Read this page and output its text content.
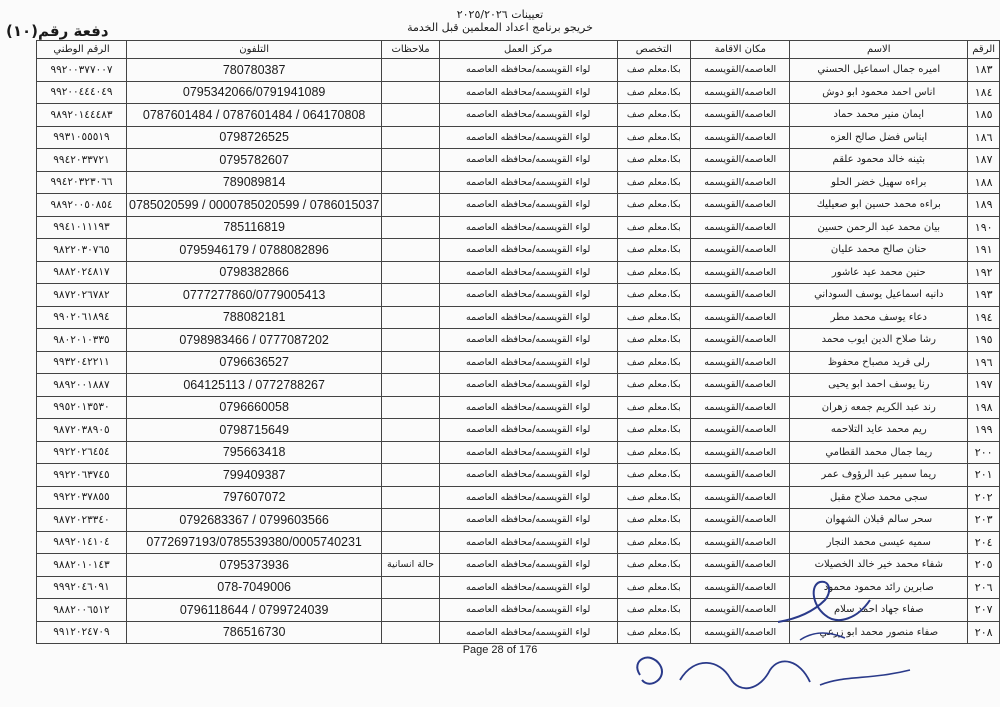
تعيينات ٢٠٢٥/٢٠٢٦
خريجو برنامج اعداد المعلمين قبل الخدمة
دفعة رقم(١٠)
الرقم	الاسم	مكان الاقامة	التخصص	مركز العمل	ملاحظات	التلفون	الرقم الوطني
١٨٣	اميره جمال اسماعيل الحسني	العاصمه/القويسمه	بكا.معلم صف	لواء القويسمه/محافظه العاصمه		780780387	٩٩٢٠٠٣٧٧٠٠٧
١٨٤	اناس احمد محمود ابو دوش	العاصمه/القويسمه	بكا.معلم صف	لواء القويسمه/محافظه العاصمه		0795342066/0791941089	٩٩٢٠٠٤٤٤٠٤٩
١٨٥	ايمان منير محمد حماد	العاصمه/القويسمه	بكا.معلم صف	لواء القويسمه/محافظه العاصمه		064170808 / 0787601484 / 0787601484	٩٨٩٢٠١٤٤٤٨٣
١٨٦	ايناس فضل صالح العزه	العاصمه/القويسمه	بكا.معلم صف	لواء القويسمه/محافظه العاصمه		0798726525	٩٩٣١٠٥٥٥١٩
١٨٧	بثينه خالد محمود علقم	العاصمه/القويسمه	بكا.معلم صف	لواء القويسمه/محافظه العاصمه		0795782607	٩٩٤٢٠٣٣٧٢١
١٨٨	براءه سهيل خضر الحلو	العاصمه/القويسمه	بكا.معلم صف	لواء القويسمه/محافظه العاصمه		789089814	٩٩٤٢٠٣٢٣٠٦٦
١٨٩	براءه محمد حسين ابو صعيليك	العاصمه/القويسمه	بكا.معلم صف	لواء القويسمه/محافظه العاصمه		0786015037 / 0000785020599 / 0785020599	٩٨٩٢٠٠٥٠٨٥٤
١٩٠	بيان محمد عبد الرحمن حسين	العاصمه/القويسمه	بكا.معلم صف	لواء القويسمه/محافظه العاصمه		785116819	٩٩٤١٠١١١٩٣
١٩١	حنان صالح محمد عليان	العاصمه/القويسمه	بكا.معلم صف	لواء القويسمه/محافظه العاصمه		0788082896 / 0795946179	٩٨٢٢٠٣٠٧٦٥
١٩٢	حنين محمد عيد عاشور	العاصمه/القويسمه	بكا.معلم صف	لواء القويسمه/محافظه العاصمه		0798382866	٩٨٨٢٠٢٤٨١٧
١٩٣	دانيه اسماعيل يوسف السوداني	العاصمه/القويسمه	بكا.معلم صف	لواء القويسمه/محافظه العاصمه		0777277860/0779005413	٩٨٧٢٠٢٦٧٨٢
١٩٤	دعاء يوسف محمد مطر	العاصمه/القويسمه	بكا.معلم صف	لواء القويسمه/محافظه العاصمه		788082181	٩٩٠٢٠٦١٨٩٤
١٩٥	رشا صلاح الدين ايوب محمد	العاصمه/القويسمه	بكا.معلم صف	لواء القويسمه/محافظه العاصمه		0777087202 / 0798983466	٩٨٠٢٠١٠٣٣٥
١٩٦	رلى فريد مصباح محفوظ	العاصمه/القويسمه	بكا.معلم صف	لواء القويسمه/محافظه العاصمه		0796636527	٩٩٣٢٠٤٢٢١١
١٩٧	رنا يوسف احمد ابو يحيى	العاصمه/القويسمه	بكا.معلم صف	لواء القويسمه/محافظه العاصمه		0772788267 / 064125113	٩٨٩٢٠٠١٨٨٧
١٩٨	رند عبد الكريم جمعه زهران	العاصمه/القويسمه	بكا.معلم صف	لواء القويسمه/محافظه العاصمه		0796660058	٩٩٥٢٠١٣٥٣٠
١٩٩	ريم محمد عايد التلاحمه	العاصمه/القويسمه	بكا.معلم صف	لواء القويسمه/محافظه العاصمه		0798715649	٩٨٧٢٠٣٨٩٠٥
٢٠٠	ريما جمال محمد القطامي	العاصمه/القويسمه	بكا.معلم صف	لواء القويسمه/محافظه العاصمه		795663418	٩٩٢٢٠٢٦٤٥٤
٢٠١	ريما سمير عبد الرؤوف عمر	العاصمه/القويسمه	بكا.معلم صف	لواء القويسمه/محافظه العاصمه		799409387	٩٩٢٢٠٦٣٧٤٥
٢٠٢	سجى محمد صلاح مقبل	العاصمه/القويسمه	بكا.معلم صف	لواء القويسمه/محافظه العاصمه		797607072	٩٩٢٢٠٣٧٨٥٥
٢٠٣	سحر سالم قبلان الشهوان	العاصمه/القويسمه	بكا.معلم صف	لواء القويسمه/محافظه العاصمه		0799603566 / 0792683367	٩٨٧٢٠٢٣٣٤٠
٢٠٤	سميه عيسى محمد النجار	العاصمه/القويسمه	بكا.معلم صف	لواء القويسمه/محافظه العاصمه		0772697193/0785539380/0005740231	٩٨٩٢٠١٤١٠٤
٢٠٥	شفاء محمد خير خالد الخصيلات	العاصمه/القويسمه	بكا.معلم صف	لواء القويسمه/محافظه العاصمه	حالة انسانية	0795373936	٩٨٨٢٠١٠١٤٣
٢٠٦	صابرين رائد محمود محمود	العاصمه/القويسمه	بكا.معلم صف	لواء القويسمه/محافظه العاصمه		078-7049006	٩٩٩٢٠٤٦٠٩١
٢٠٧	صفاء جهاد احمد سلام	العاصمه/القويسمه	بكا.معلم صف	لواء القويسمه/محافظه العاصمه		0799724039 / 0796118644	٩٨٨٢٠٠٦٥١٢
٢٠٨	صفاء منصور محمد ابو زرعي	العاصمه/القويسمه	بكا.معلم صف	لواء القويسمه/محافظه العاصمه		786516730	٩٩١٢٠٢٤٧٠٩
Page 28 of 176
